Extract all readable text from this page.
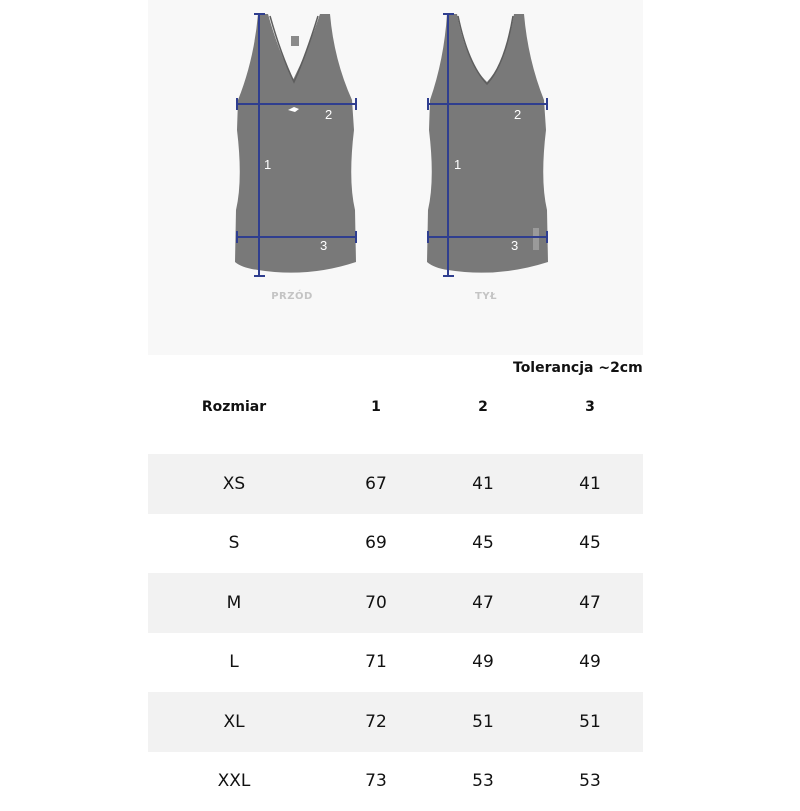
1
2
3
1
2
3
PRZÓD	TYŁ
Tolerancja ~2cm
Rozmiar	1	2	3
XS	67	41	41
S	69	45	45
M	70	47	47
L	71	49	49
XL	72	51	51
XXL	73	53	53
